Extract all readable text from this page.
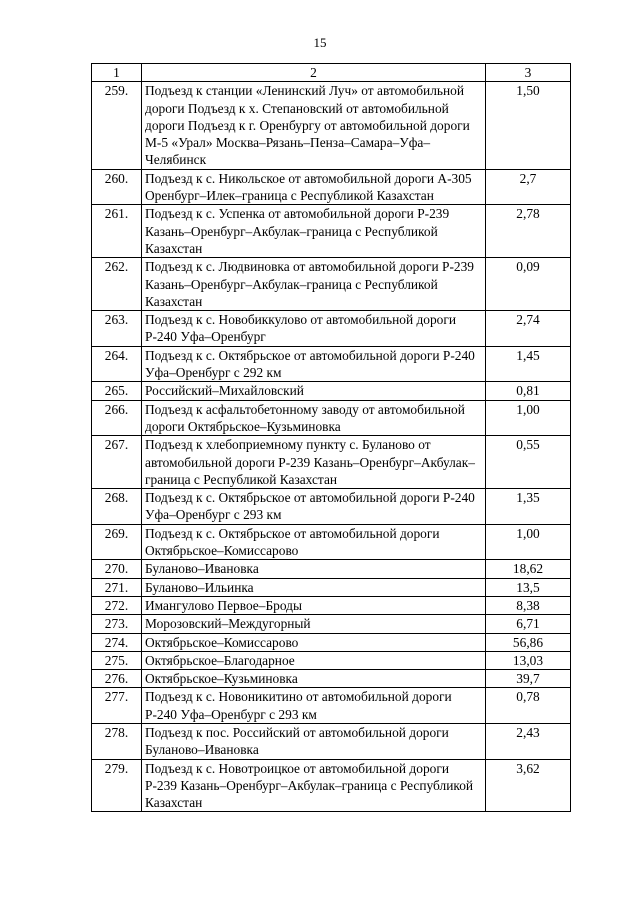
15
1	2	3
259.	Подъезд к станции «Ленинский Луч» от автомобильной дороги Подъезд к х. Степановский от автомобильной дороги Подъезд к г. Оренбургу от автомобильной дороги М-5 «Урал» Москва–Рязань–Пенза–Самара–Уфа–Челябинск	1,50
260.	Подъезд к с. Никольское от автомобильной дороги А-305 Оренбург–Илек–граница с Республикой Казахстан	2,7
261.	Подъезд к с. Успенка от автомобильной дороги Р-239 Казань–Оренбург–Акбулак–граница с Республикой Казахстан	2,78
262.	Подъезд к с. Людвиновка от автомобильной дороги Р-239 Казань–Оренбург–Акбулак–граница с Республикой Казахстан	0,09
263.	Подъезд к с. Новобиккулово от автомобильной дороги Р-240 Уфа–Оренбург	2,74
264.	Подъезд к с. Октябрьское от автомобильной дороги Р-240 Уфа–Оренбург с 292 км	1,45
265.	Российский–Михайловский	0,81
266.	Подъезд к асфальтобетонному заводу от автомобильной дороги Октябрьское–Кузьминовка	1,00
267.	Подъезд к хлебоприемному пункту с. Буланово от автомобильной дороги Р-239 Казань–Оренбург–Акбулак–граница с Республикой Казахстан	0,55
268.	Подъезд к с. Октябрьское от автомобильной дороги Р-240 Уфа–Оренбург с 293 км	1,35
269.	Подъезд к с. Октябрьское от автомобильной дороги Октябрьское–Комиссарово	1,00
270.	Буланово–Ивановка	18,62
271.	Буланово–Ильинка	13,5
272.	Имангулово Первое–Броды	8,38
273.	Морозовский–Междугорный	6,71
274.	Октябрьское–Комиссарово	56,86
275.	Октябрьское–Благодарное	13,03
276.	Октябрьское–Кузьминовка	39,7
277.	Подъезд к с. Новоникитино от автомобильной дороги Р-240 Уфа–Оренбург с 293 км	0,78
278.	Подъезд к пос. Российский от автомобильной дороги Буланово–Ивановка	2,43
279.	Подъезд к с. Новотроицкое от автомобильной дороги Р-239 Казань–Оренбург–Акбулак–граница с Республикой Казахстан	3,62
